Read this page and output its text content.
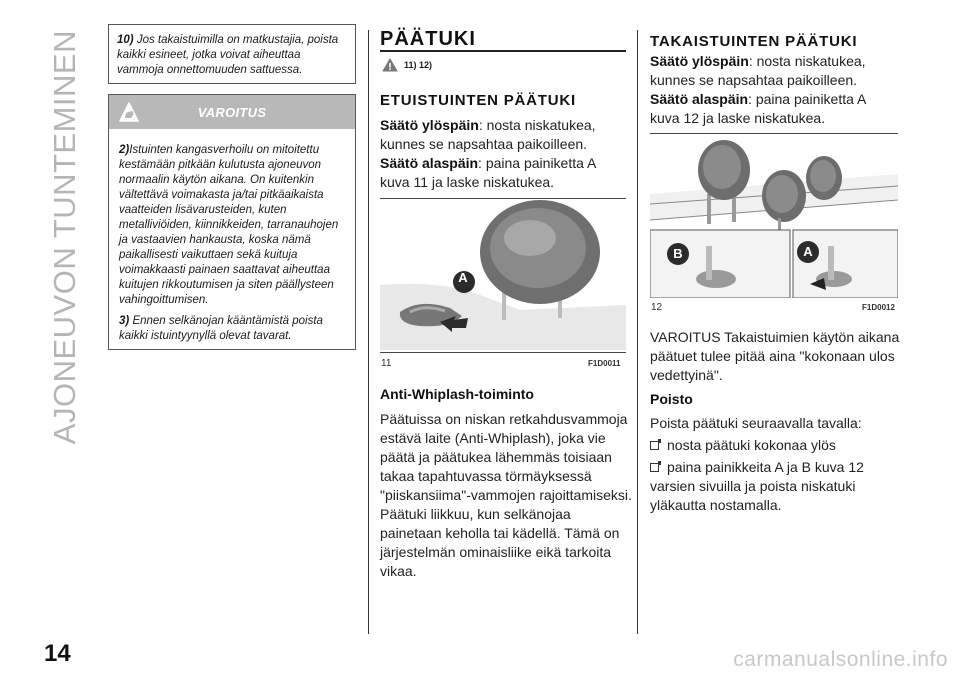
AJONEUVON TUNTEMINEN
14	carmanualsonline.info
10) Jos takaistuimilla on matkustajia, poista kaikki esineet, jotka voivat aiheuttaa vammoja onnettomuuden sattuessa.
VAROITUS

2)Istuinten kangasverhoilu on mitoitettu kestämään pitkään kulutusta ajoneuvon normaalin käytön aikana. On kuitenkin vältettävä voimakasta ja/tai pitkäaikaista vaatteiden lisävarusteiden, kuten metalliviöiden, kiinnikkeiden, tarranauhojen ja vastaavien hankausta, koska nämä paikallisesti vaikuttaen sekä kuituja voimakkaasti painaen saattavat aiheuttaa kuitujen rikkoutumisen ja siten päällysteen vahingoittumisen.

3) Ennen selkänojan kääntämistä poista kaikki istuintyynyllä olevat tavarat.

PÄÄTUKI
11) 12)
ETUISTUINTEN PÄÄTUKI
Säätö ylöspäin: nosta niskatukea, kunnes se napsahtaa paikoilleen.
Säätö alaspäin: paina painiketta A kuva 11 ja laske niskatukea.
A
11	F1D0011
Anti-Whiplash-toiminto
Päätuissa on niskan retkahdusvammoja estävä laite (Anti-Whiplash), joka vie päätä ja päätukea lähemmäs toisiaan takaa tapahtuvassa törmäyksessä "piiskansiima"-vammojen rajoittamiseksi.
Päätuki liikkuu, kun selkänojaa painetaan keholla tai kädellä. Tämä on järjestelmän ominaisliike eikä tarkoita vikaa.
TAKAISTUINTEN PÄÄTUKI
Säätö ylöspäin: nosta niskatukea, kunnes se napsahtaa paikoilleen.
Säätö alaspäin: paina painiketta A kuva 12 ja laske niskatukea.
B	A
12	F1D0012
VAROITUS Takaistuimien käytön aikana päätuet tulee pitää aina "kokonaan ulos vedettyinä".
Poisto
Poista päätuki seuraavalla tavalla:
nosta päätuki kokonaa ylös
paina painikkeita A ja B kuva 12
varsien sivuilla ja poista niskatuki yläkautta nostamalla.
